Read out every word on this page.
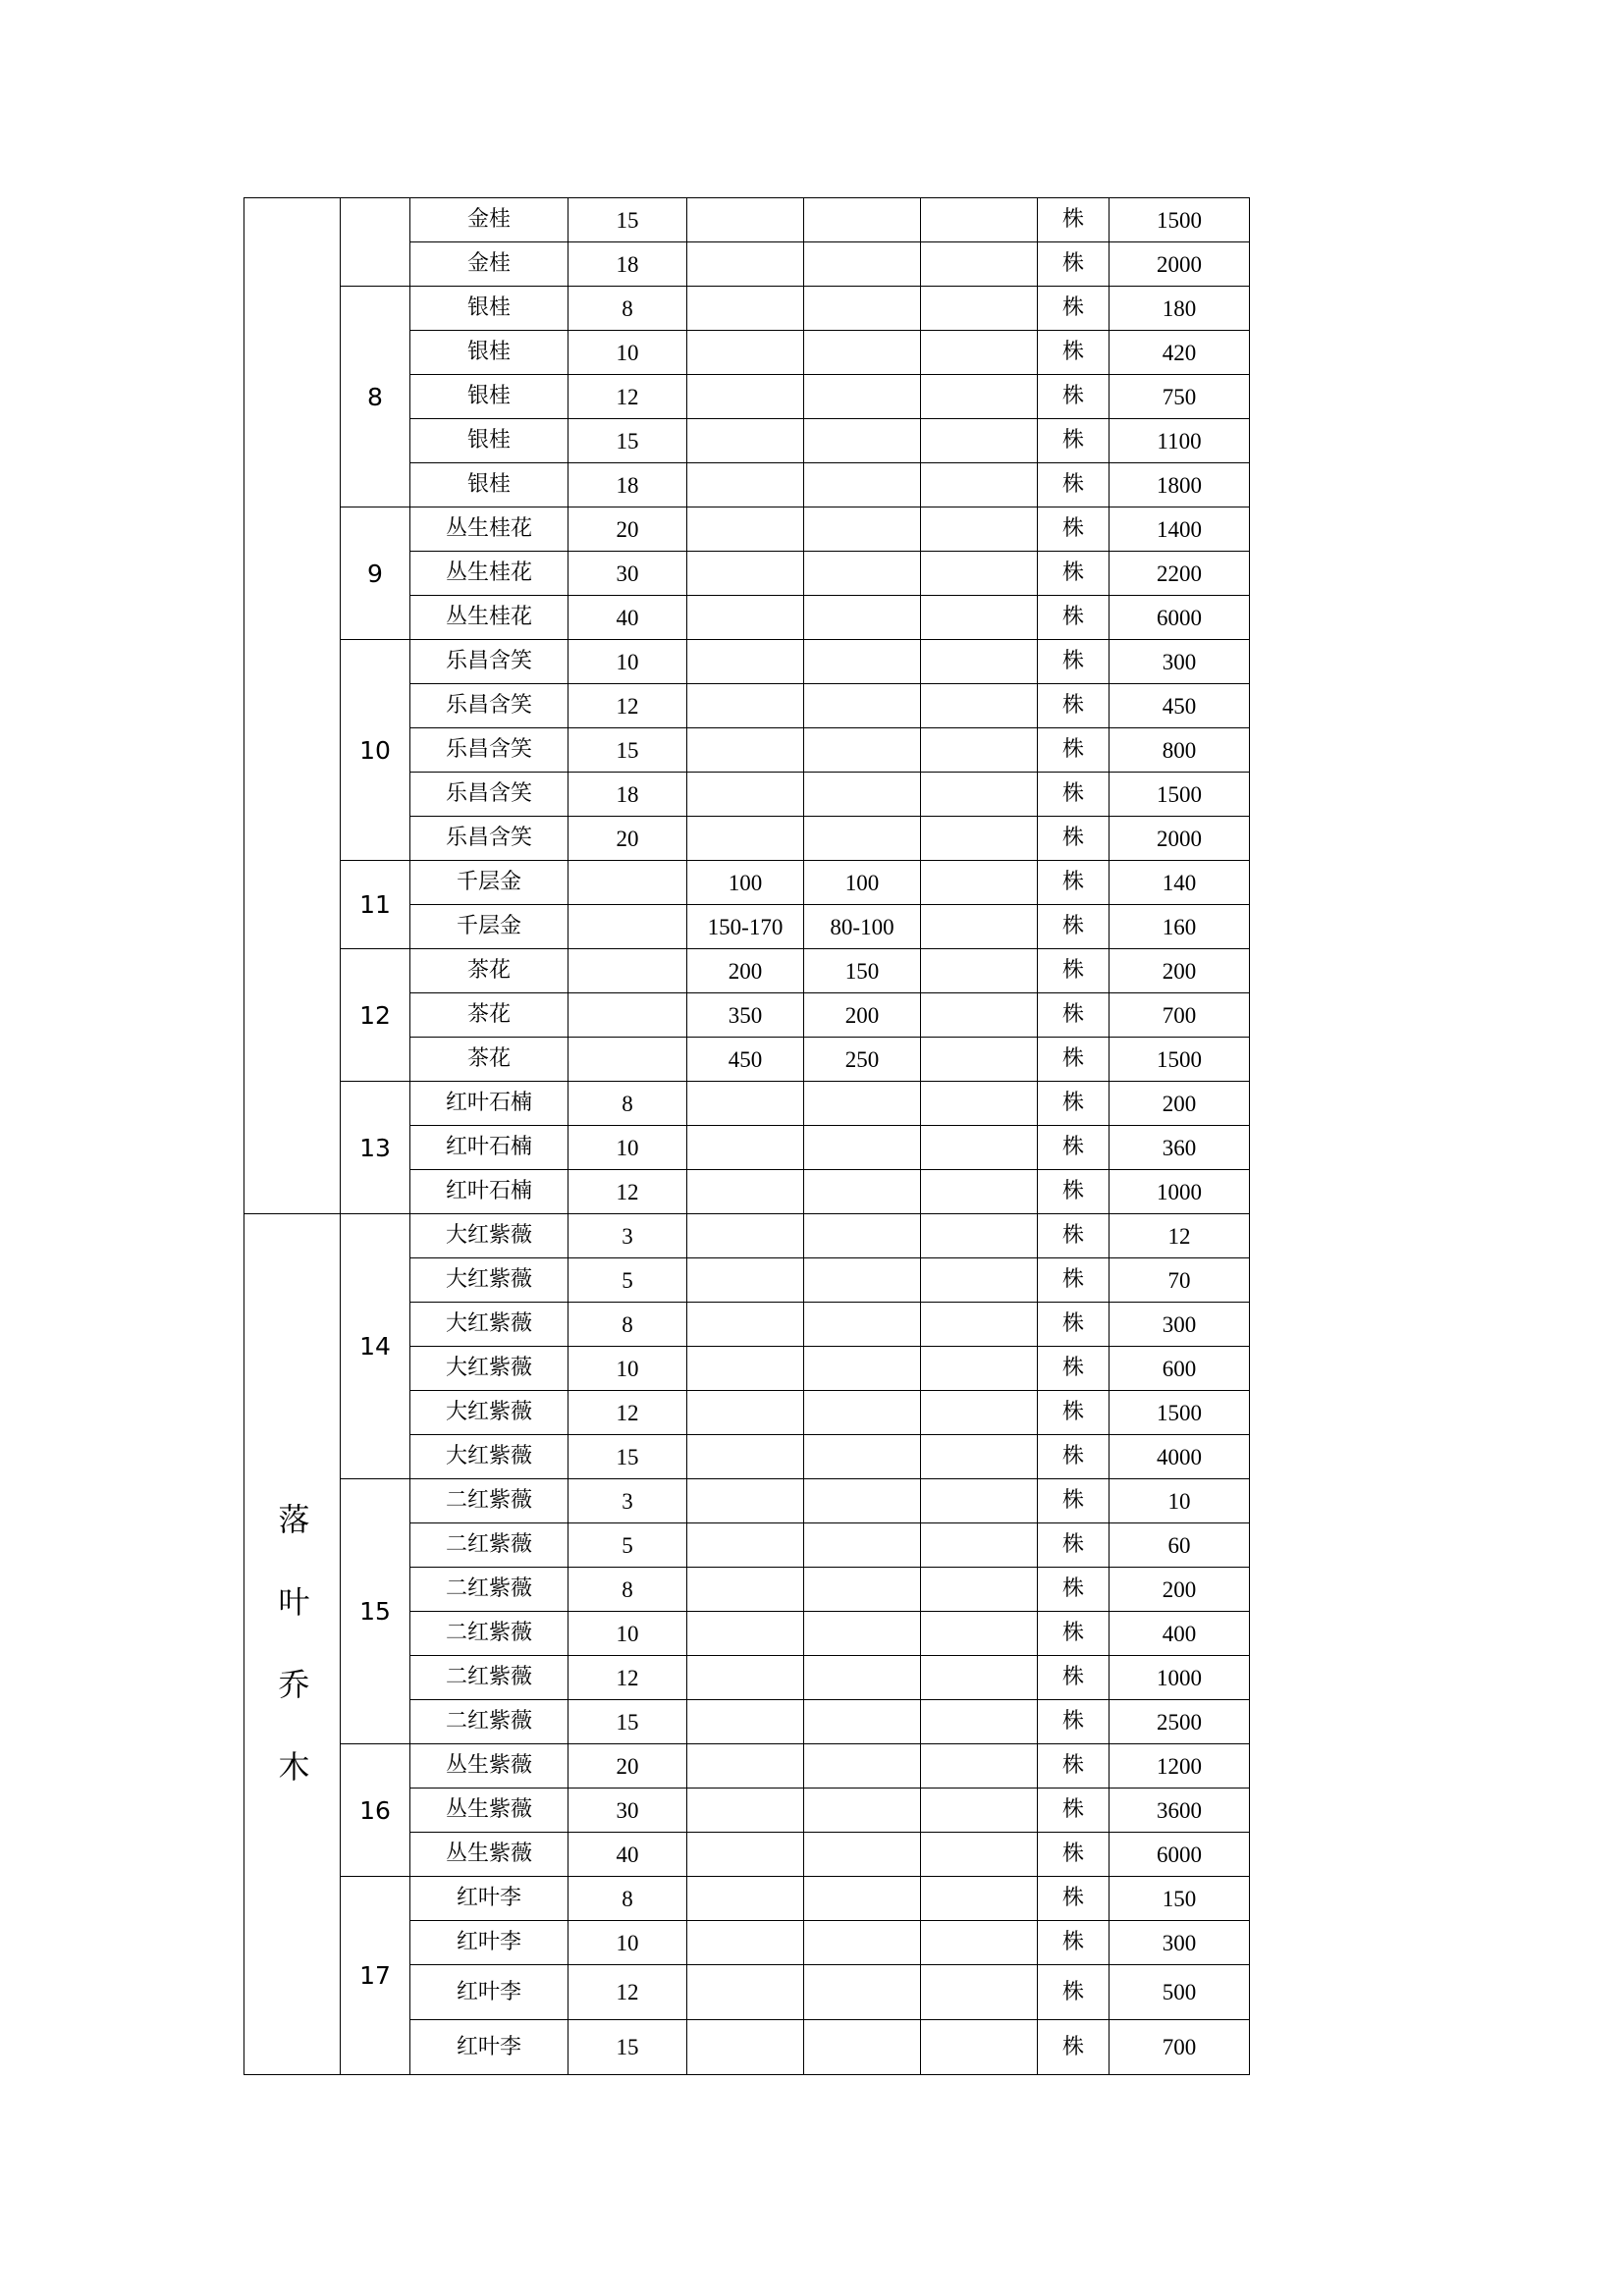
		金桂	15				株	1500
		金桂	18				株	2000
	8	银桂	8				株	180
		银桂	10				株	420
		银桂	12				株	750
		银桂	15				株	1100
		银桂	18				株	1800
	9	丛生桂花	20				株	1400
		丛生桂花	30				株	2200
		丛生桂花	40				株	6000
	10	乐昌含笑	10				株	300
		乐昌含笑	12				株	450
		乐昌含笑	15				株	800
		乐昌含笑	18				株	1500
		乐昌含笑	20				株	2000
	11	千层金		100	100		株	140
		千层金		150-170	80-100		株	160
	12	茶花		200	150		株	200
		茶花		350	200		株	700
		茶花		450	250		株	1500
	13	红叶石楠	8				株	200
		红叶石楠	10				株	360
		红叶石楠	12				株	1000
落叶乔木	14	大红紫薇	3				株	12
		大红紫薇	5				株	70
		大红紫薇	8				株	300
		大红紫薇	10				株	600
		大红紫薇	12				株	1500
		大红紫薇	15				株	4000
	15	二红紫薇	3				株	10
		二红紫薇	5				株	60
		二红紫薇	8				株	200
		二红紫薇	10				株	400
		二红紫薇	12				株	1000
		二红紫薇	15				株	2500
	16	丛生紫薇	20				株	1200
		丛生紫薇	30				株	3600
		丛生紫薇	40				株	6000
	17	红叶李	8				株	150
		红叶李	10				株	300
		红叶李	12				株	500
		红叶李	15				株	700
